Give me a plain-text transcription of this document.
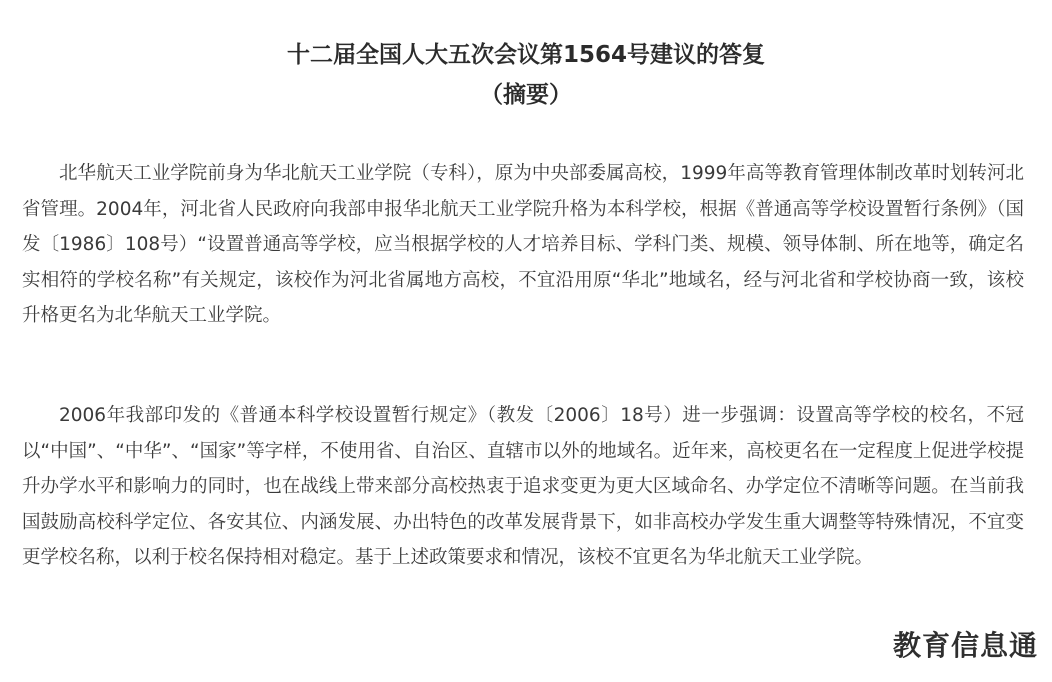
十二届全国人大五次会议第1564号建议的答复
（摘要）

北华航天工业学院前身为华北航天工业学院（专科），原为中央部委属高校，1999年高等教育管理体制改革时划转河北省管理。2004年，河北省人民政府向我部申报华北航天工业学院升格为本科学校，根据《普通高等学校设置暂行条例》（国发〔1986〕108号）“设置普通高等学校，应当根据学校的人才培养目标、学科门类、规模、领导体制、所在地等，确定名实相符的学校名称”有关规定，该校作为河北省属地方高校，不宜沿用原“华北”地域名，经与河北省和学校协商一致，该校升格更名为北华航天工业学院。

2006年我部印发的《普通本科学校设置暂行规定》（教发〔2006〕18号）进一步强调：设置高等学校的校名，不冠以“中国”、“中华”、“国家”等字样，不使用省、自治区、直辖市以外的地域名。近年来，高校更名在一定程度上促进学校提升办学水平和影响力的同时，也在战线上带来部分高校热衷于追求变更为更大区域命名、办学定位不清晰等问题。在当前我国鼓励高校科学定位、各安其位、内涵发展、办出特色的改革发展背景下，如非高校办学发生重大调整等特殊情况，不宜变更学校名称，以利于校名保持相对稳定。基于上述政策要求和情况，该校不宜更名为华北航天工业学院。

教育信息通
